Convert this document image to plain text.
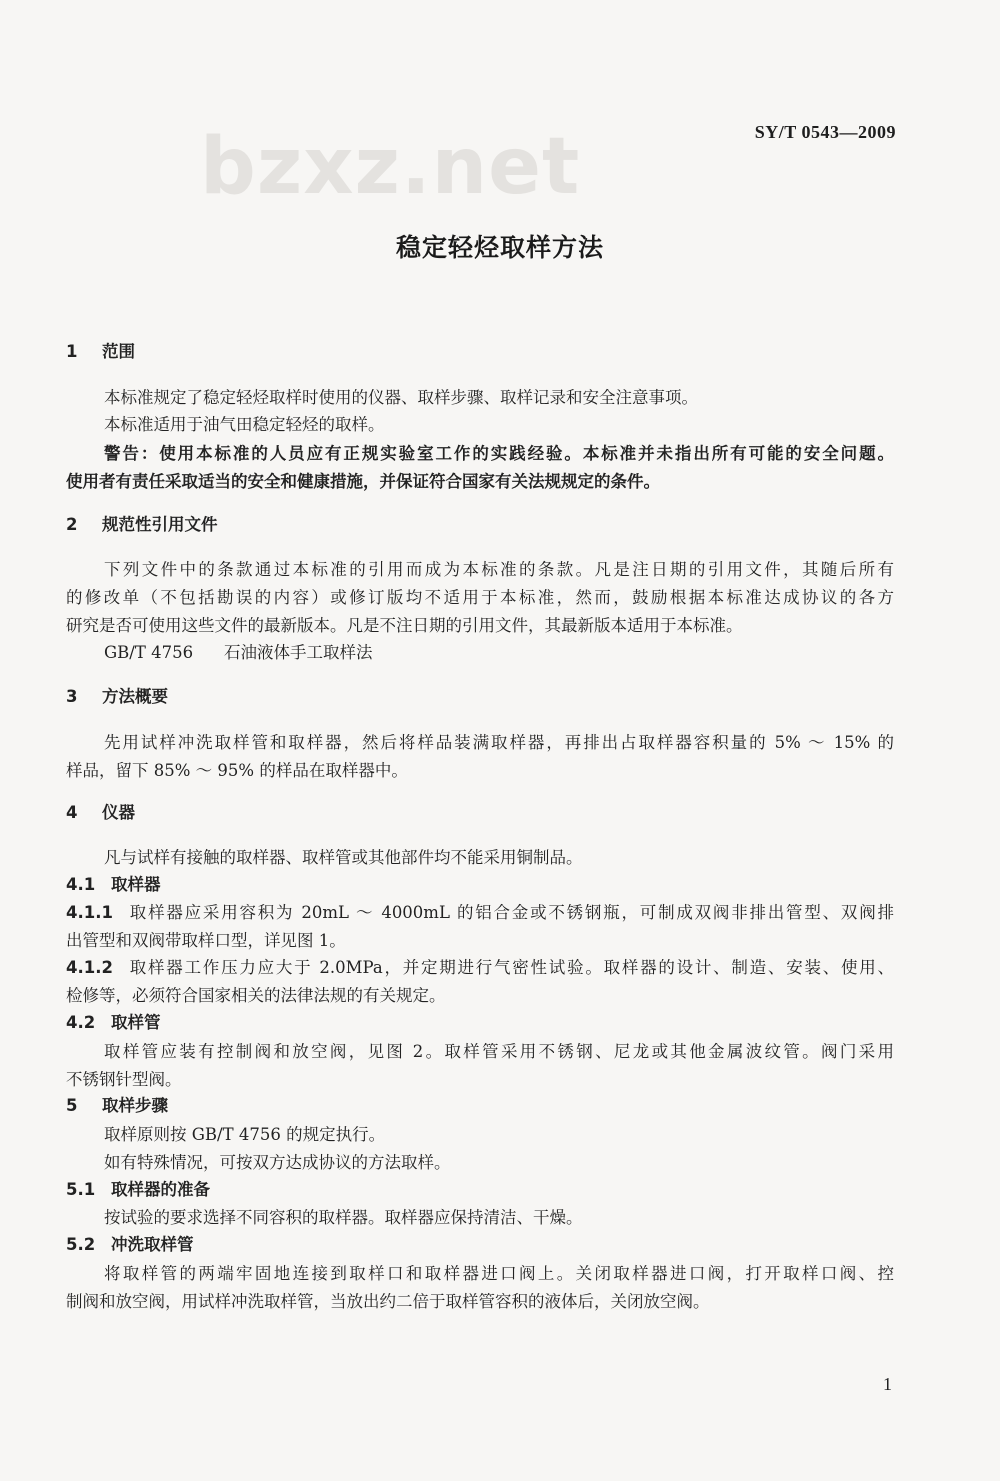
bzxz.net	SY/T 0543—2009
稳定轻烃取样方法
1 范围
本标准规定了稳定轻烃取样时使用的仪器、取样步骤、取样记录和安全注意事项。
本标准适用于油气田稳定轻烃的取样。
警告：使用本标准的人员应有正规实验室工作的实践经验。本标准并未指出所有可能的安全问题。
使用者有责任采取适当的安全和健康措施，并保证符合国家有关法规规定的条件。
2 规范性引用文件
下列文件中的条款通过本标准的引用而成为本标准的条款。凡是注日期的引用文件，其随后所有
的修改单（不包括勘误的内容）或修订版均不适用于本标准，然而，鼓励根据本标准达成协议的各方
研究是否可使用这些文件的最新版本。凡是不注日期的引用文件，其最新版本适用于本标准。
GB/T 4756 石油液体手工取样法
3 方法概要
先用试样冲洗取样管和取样器，然后将样品装满取样器，再排出占取样器容积量的 5% ～ 15% 的
样品，留下 85% ～ 95% 的样品在取样器中。
4 仪器
凡与试样有接触的取样器、取样管或其他部件均不能采用铜制品。
4.1 取样器
4.1.1 取样器应采用容积为 20mL ～ 4000mL 的铝合金或不锈钢瓶，可制成双阀非排出管型、双阀排
出管型和双阀带取样口型，详见图 1。
4.1.2 取样器工作压力应大于 2.0MPa，并定期进行气密性试验。取样器的设计、制造、安装、使用、
检修等，必须符合国家相关的法律法规的有关规定。
4.2 取样管
取样管应装有控制阀和放空阀，见图 2。取样管采用不锈钢、尼龙或其他金属波纹管。阀门采用
不锈钢针型阀。
5 取样步骤
取样原则按 GB/T 4756 的规定执行。
如有特殊情况，可按双方达成协议的方法取样。
5.1 取样器的准备
按试验的要求选择不同容积的取样器。取样器应保持清洁、干燥。
5.2 冲洗取样管
将取样管的两端牢固地连接到取样口和取样器进口阀上。关闭取样器进口阀，打开取样口阀、控
制阀和放空阀，用试样冲洗取样管，当放出约二倍于取样管容积的液体后，关闭放空阀。
1
